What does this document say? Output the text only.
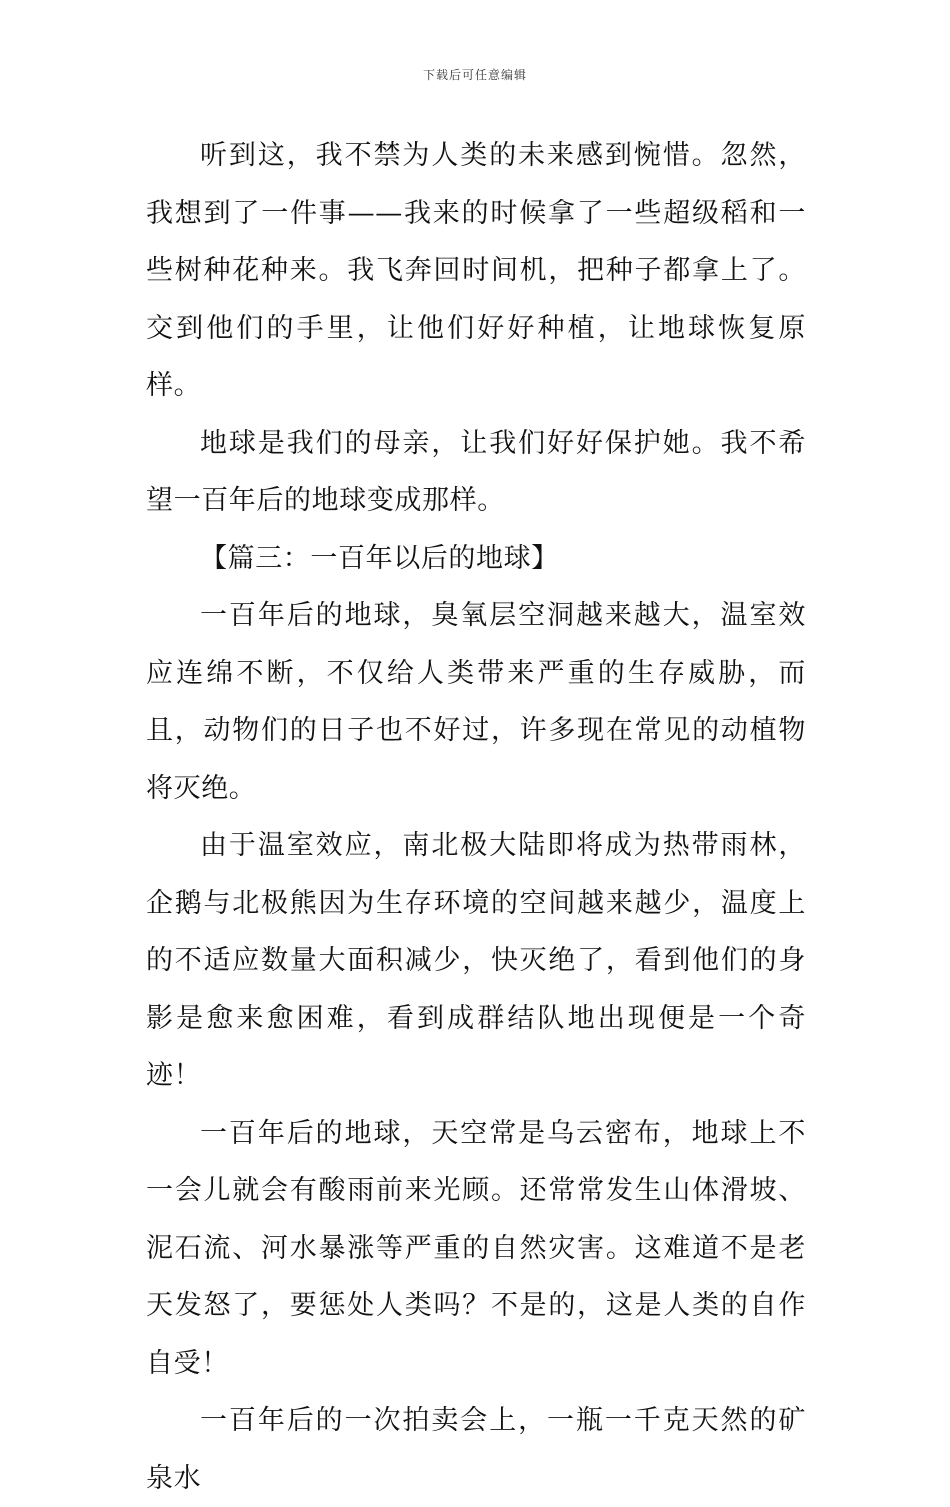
下载后可任意编辑

听到这，我不禁为人类的未来感到惋惜。忽然，我想到了一件事——我来的时候拿了一些超级稻和一些树种花种来。我飞奔回时间机，把种子都拿上了。交到他们的手里，让他们好好种植，让地球恢复原样。

地球是我们的母亲，让我们好好保护她。我不希望一百年后的地球变成那样。

【篇三：一百年以后的地球】

一百年后的地球，臭氧层空洞越来越大，温室效应连绵不断，不仅给人类带来严重的生存威胁，而且，动物们的日子也不好过，许多现在常见的动植物将灭绝。

由于温室效应，南北极大陆即将成为热带雨林，企鹅与北极熊因为生存环境的空间越来越少，温度上的不适应数量大面积减少，快灭绝了，看到他们的身影是愈来愈困难，看到成群结队地出现便是一个奇迹！

一百年后的地球，天空常是乌云密布，地球上不一会儿就会有酸雨前来光顾。还常常发生山体滑坡、泥石流、河水暴涨等严重的自然灾害。这难道不是老天发怒了，要惩处人类吗？不是的，这是人类的自作自受！

一百年后的一次拍卖会上，一瓶一千克天然的矿泉水
